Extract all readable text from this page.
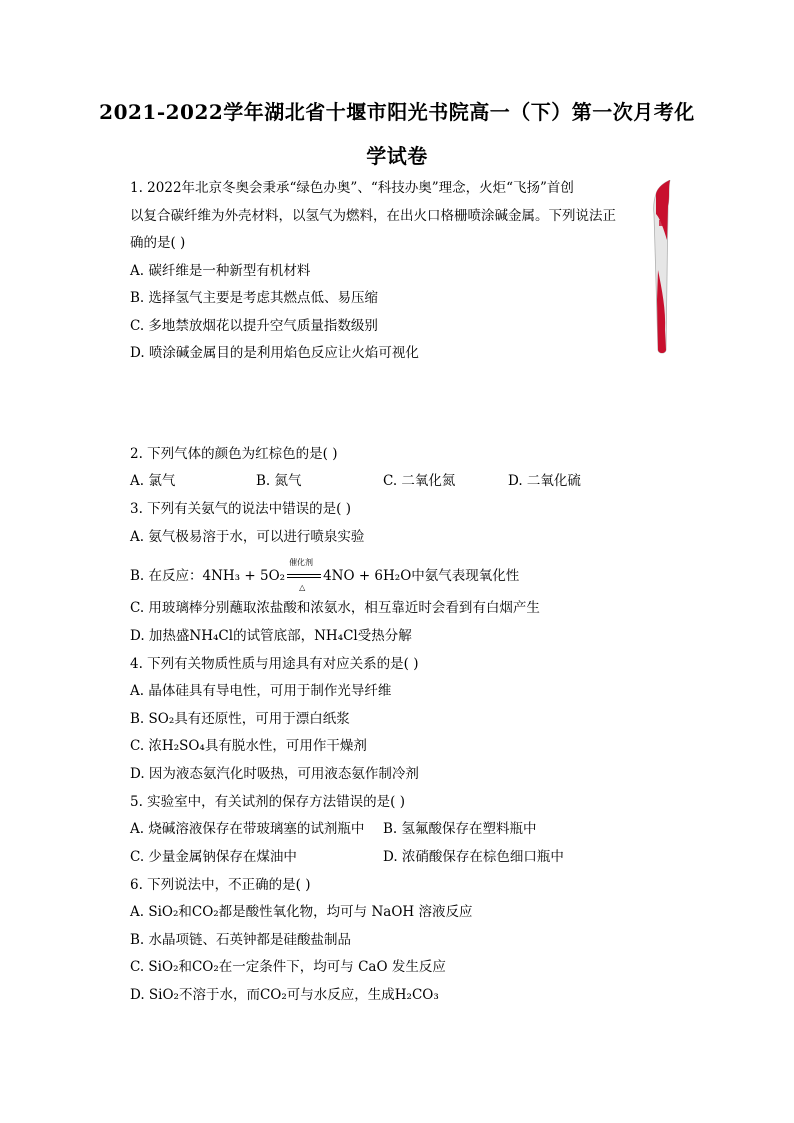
2021-2022学年湖北省十堰市阳光书院高一（下）第一次月考化
学试卷
1. 2022年北京冬奥会秉承“绿色办奥”、“科技办奥”理念，火炬“飞扬”首创
以复合碳纤维为外壳材料，以氢气为燃料，在出火口格栅喷涂碱金属。下列说法正
确的是( )
A. 碳纤维是一种新型有机材料
B. 选择氢气主要是考虑其燃点低、易压缩
C. 多地禁放烟花以提升空气质量指数级别
D. 喷涂碱金属目的是利用焰色反应让火焰可视化
2. 下列气体的颜色为红棕色的是( )
A. 氯气	B. 氮气	C. 二氧化氮	D. 二氧化硫
3. 下列有关氨气的说法中错误的是( )
A. 氨气极易溶于水，可以进行喷泉实验
B. 在反应：4NH₃ + 5O₂
催化剂
△
4NO + 6H₂O中氨气表现氧化性
C. 用玻璃棒分别蘸取浓盐酸和浓氨水，相互靠近时会看到有白烟产生
D. 加热盛NH₄Cl的试管底部，NH₄Cl受热分解
4. 下列有关物质性质与用途具有对应关系的是( )
A. 晶体硅具有导电性，可用于制作光导纤维
B. SO₂具有还原性，可用于漂白纸浆
C. 浓H₂SO₄具有脱水性，可用作干燥剂
D. 因为液态氨汽化时吸热，可用液态氨作制冷剂
5. 实验室中，有关试剂的保存方法错误的是( )
A. 烧碱溶液保存在带玻璃塞的试剂瓶中 B. 氢氟酸保存在塑料瓶中
C. 少量金属钠保存在煤油中	D. 浓硝酸保存在棕色细口瓶中
6. 下列说法中，不正确的是( )
A. SiO₂和CO₂都是酸性氧化物，均可与 NaOH 溶液反应
B. 水晶项链、石英钟都是硅酸盐制品
C. SiO₂和CO₂在一定条件下，均可与 CaO 发生反应
D. SiO₂不溶于水，而CO₂可与水反应，生成H₂CO₃
